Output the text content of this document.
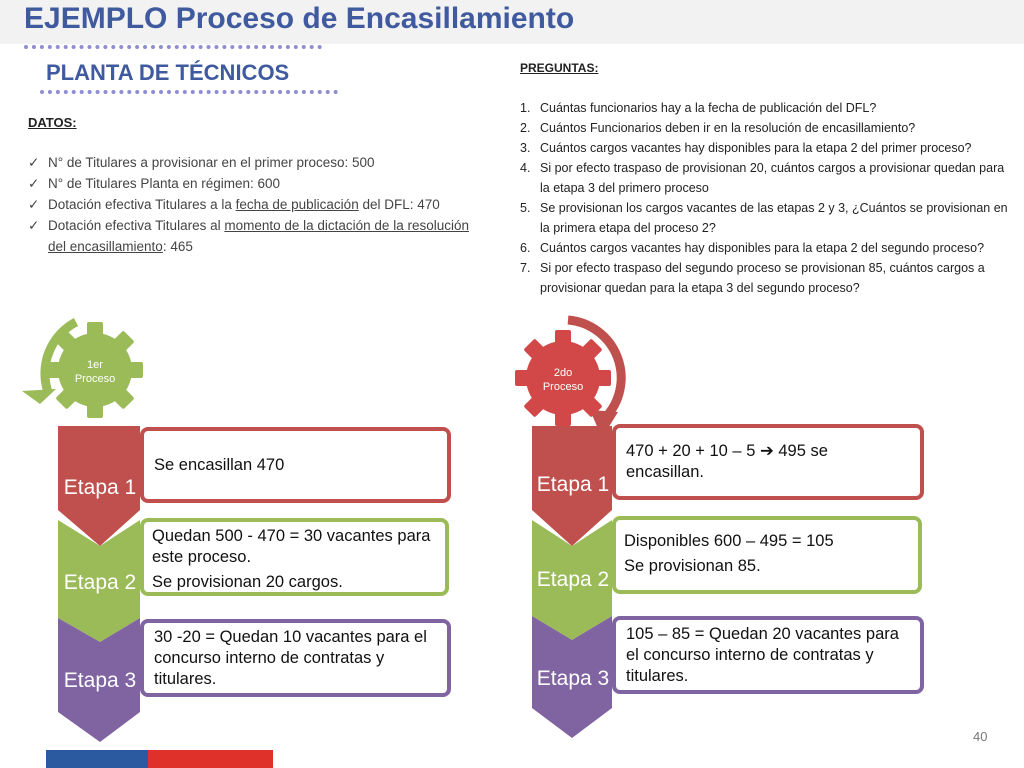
EJEMPLO Proceso de Encasillamiento
PLANTA DE TÉCNICOS
DATOS:
✓ N° de Titulares a provisionar en el primer proceso: 500
✓ N° de Titulares Planta en régimen: 600
✓ Dotación efectiva Titulares a la fecha de publicación del DFL: 470
✓ Dotación efectiva Titulares al momento de la dictación de la resolución del encasillamiento: 465
PREGUNTAS:
1. Cuántas funcionarios hay a la fecha de publicación del DFL?
2. Cuántos Funcionarios deben ir en la resolución de encasillamiento?
3. Cuántos cargos vacantes hay disponibles para la etapa 2 del primer proceso?
4. Si por efecto traspaso de provisionan 20, cuántos cargos a provisionar quedan para la etapa 3 del primero proceso
5. Se provisionan los cargos vacantes de las etapas 2 y 3, ¿Cuántos se provisionan en la primera etapa del proceso 2?
6. Cuántos cargos vacantes hay disponibles para la etapa 2 del segundo proceso?
7. Si por efecto traspaso del segundo proceso se provisionan 85, cuántos cargos a provisionar quedan para la etapa 3 del segundo proceso?
1er
Proceso
Etapa 1
Etapa 2
Etapa 3

Se encasillan 470

Quedan 500 - 470 = 30 vacantes para este proceso.

Se provisionan 20 cargos.

30 -20 = Quedan 10 vacantes para el concurso interno de contratas y titulares.

2do
Proceso
Etapa 1
Etapa 2
Etapa 3

470 + 20 + 10 – 5 ➔ 495 se encasillan.

Disponibles 600 – 495 = 105

Se provisionan 85.

105 – 85 = Quedan 20 vacantes para el concurso interno de contratas y titulares.

40
